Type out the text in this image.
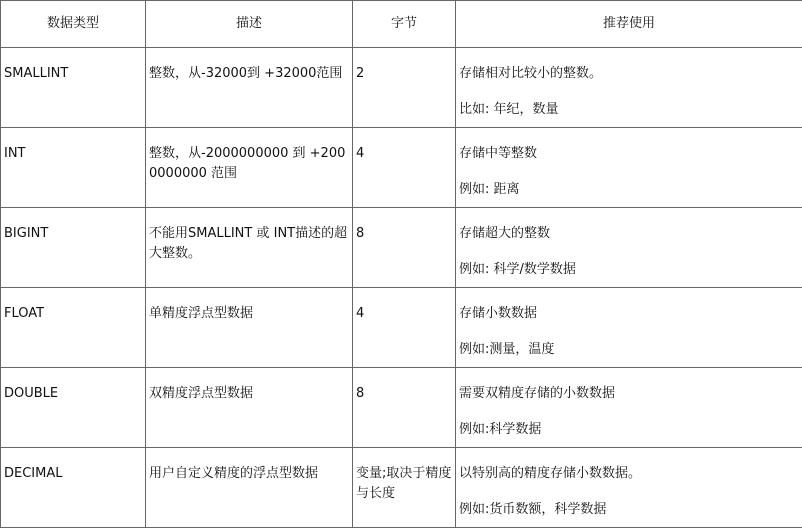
数据类型	描述	字节	推荐使用

SMALLINT	整数，从-32000到 +32000范围	2	存储相对比较小的整数。
比如: 年纪，数量

INT	整数，从-2000000000 到 +2000000000 范围	4	存储中等整数
例如: 距离

BIGINT	不能用SMALLINT 或 INT描述的超大整数。	8	存储超大的整数
例如: 科学/数学数据

FLOAT	单精度浮点型数据	4	存储小数数据
例如:测量，温度

DOUBLE	双精度浮点型数据	8	需要双精度存储的小数数据
例如:科学数据

DECIMAL	用户自定义精度的浮点型数据	变量;取决于精度与长度	以特别高的精度存储小数数据。
例如:货币数额，科学数据
